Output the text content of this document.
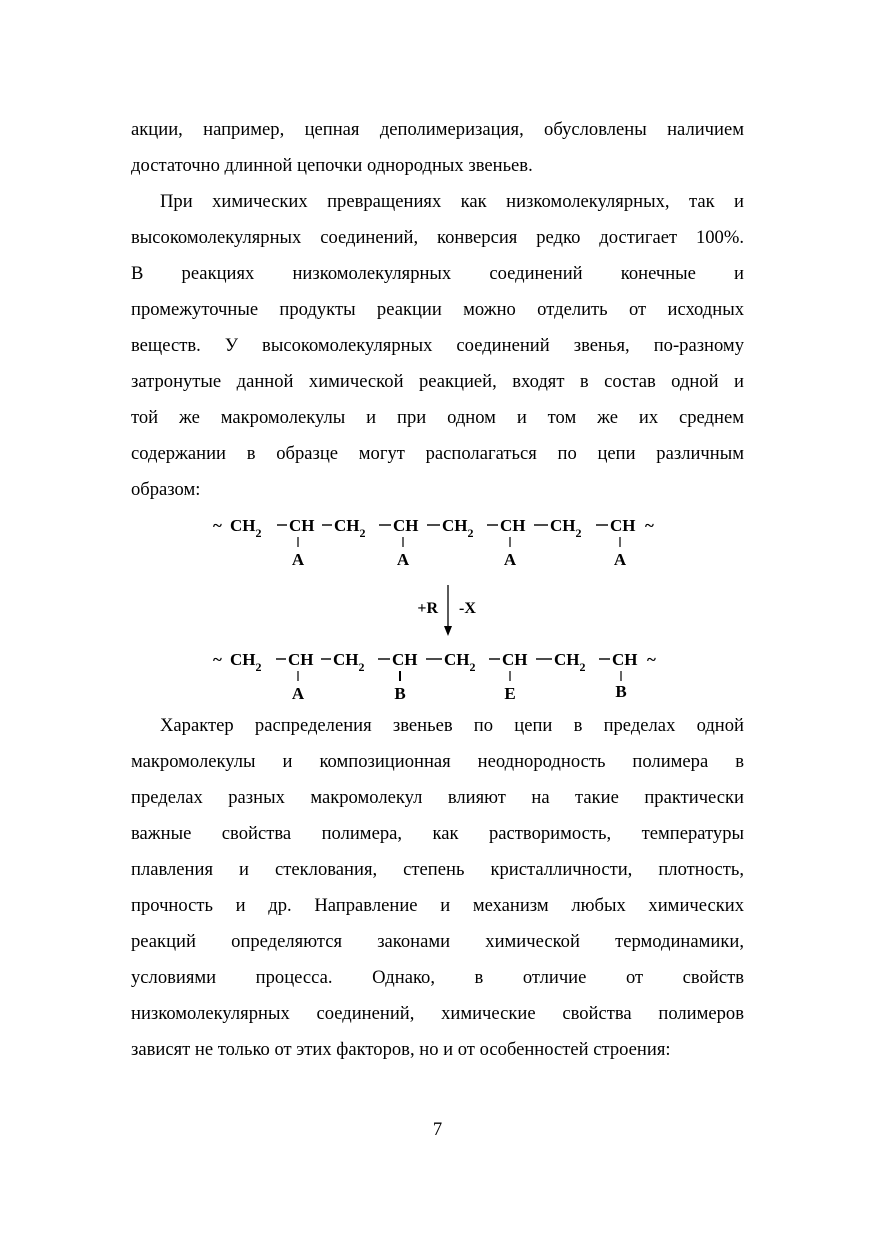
акции, например, цепная деполимеризация, обусловлены наличием
достаточно длинной цепочки однородных звеньев.
При химических превращениях как низкомолекулярных, так и
высокомолекулярных соединений, конверсия редко достигает 100%.
В реакциях низкомолекулярных соединений конечные и
промежуточные продукты реакции можно отделить от исходных
веществ. У высокомолекулярных соединений звенья, по-разному
затронутые данной химической реакцией, входят в состав одной и
той же макромолекулы и при одном и том же их среднем
содержании в образце могут располагаться по цепи различным
образом:
~ $CH_2$ CH $CH_2$ CH $CH_2$ CH $CH_2$ CH ~
A	A	A	A
+R -X
~ $CH_2$ CH $CH_2$ CH $CH_2$ CH $CH_2$ CH ~
A	B	E	B
Характер распределения звеньев по цепи в пределах одной
макромолекулы и композиционная неоднородность полимера в
пределах разных макромолекул влияют на такие практически
важные свойства полимера, как растворимость, температуры
плавления и стеклования, степень кристалличности, плотность,
прочность и др. Направление и механизм любых химических
реакций определяются законами химической термодинамики,
условиями процесса. Однако, в отличие от свойств
низкомолекулярных соединений, химические свойства полимеров
зависят не только от этих факторов, но и от особенностей строения:
7
